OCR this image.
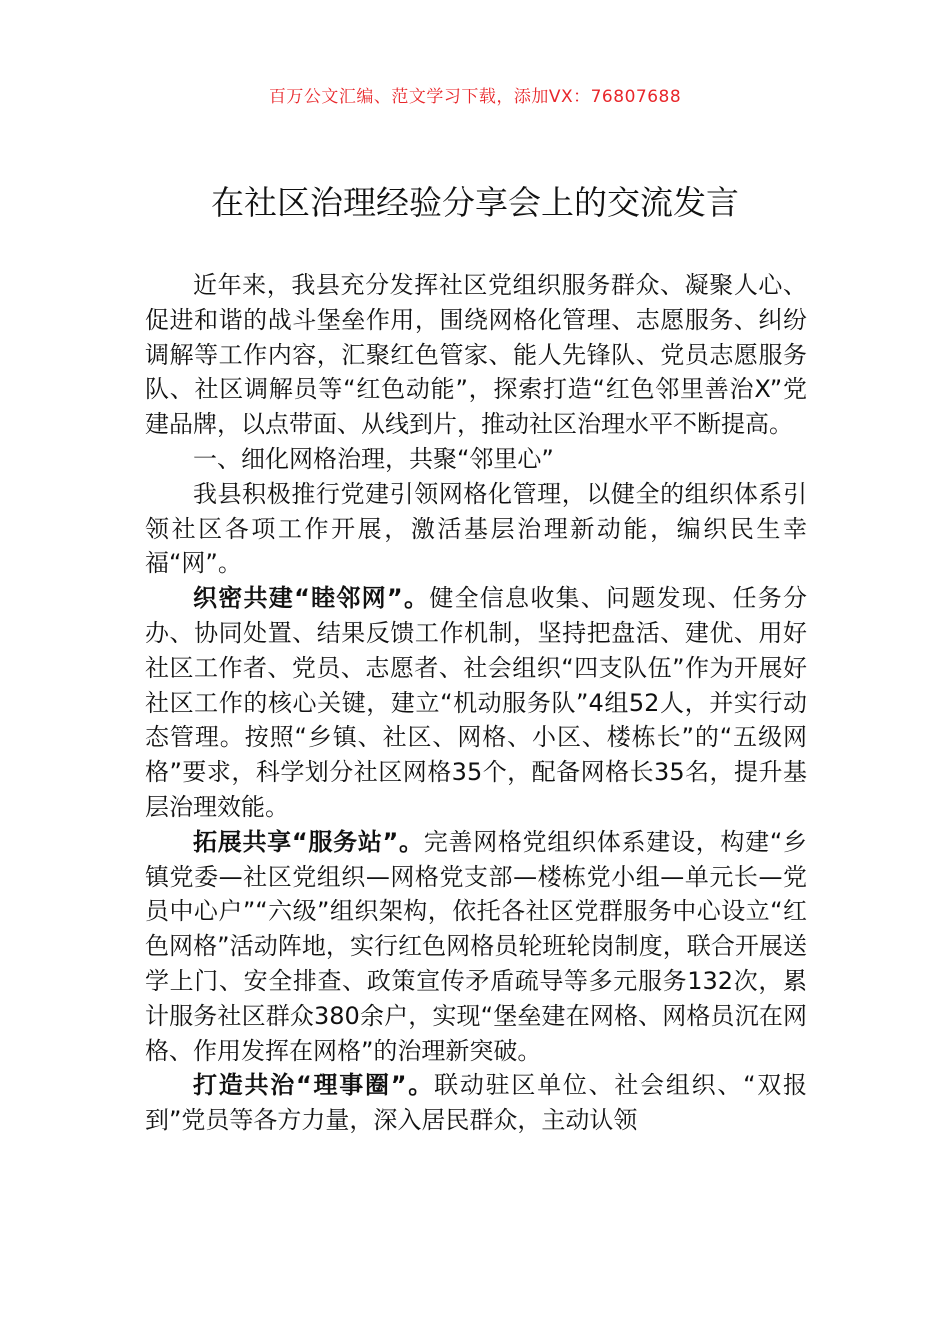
百万公文汇编、范文学习下载，添加VX：76807688
在社区治理经验分享会上的交流发言

近年来，我县充分发挥社区党组织服务群众、凝聚人心、促进和谐的战斗堡垒作用，围绕网格化管理、志愿服务、纠纷调解等工作内容，汇聚红色管家、能人先锋队、党员志愿服务队、社区调解员等“红色动能”，探索打造“红色邻里善治X”党建品牌，以点带面、从线到片，推动社区治理水平不断提高。

一、细化网格治理，共聚“邻里心”

我县积极推行党建引领网格化管理，以健全的组织体系引领社区各项工作开展，激活基层治理新动能，编织民生幸福“网”。

织密共建“睦邻网”。健全信息收集、问题发现、任务分办、协同处置、结果反馈工作机制，坚持把盘活、建优、用好社区工作者、党员、志愿者、社会组织“四支队伍”作为开展好社区工作的核心关键，建立“机动服务队”4组52人，并实行动态管理。按照“乡镇、社区、网格、小区、楼栋长”的“五级网格”要求，科学划分社区网格35个，配备网格长35名，提升基层治理效能。

拓展共享“服务站”。完善网格党组织体系建设，构建“乡镇党委—社区党组织—网格党支部—楼栋党小组—单元长—党员中心户”“六级”组织架构，依托各社区党群服务中心设立“红色网格”活动阵地，实行红色网格员轮班轮岗制度，联合开展送学上门、安全排查、政策宣传矛盾疏导等多元服务132次，累计服务社区群众380余户，实现“堡垒建在网格、网格员沉在网格、作用发挥在网格”的治理新突破。

打造共治“理事圈”。联动驻区单位、社会组织、“双报到”党员等各方力量，深入居民群众，主动认领
